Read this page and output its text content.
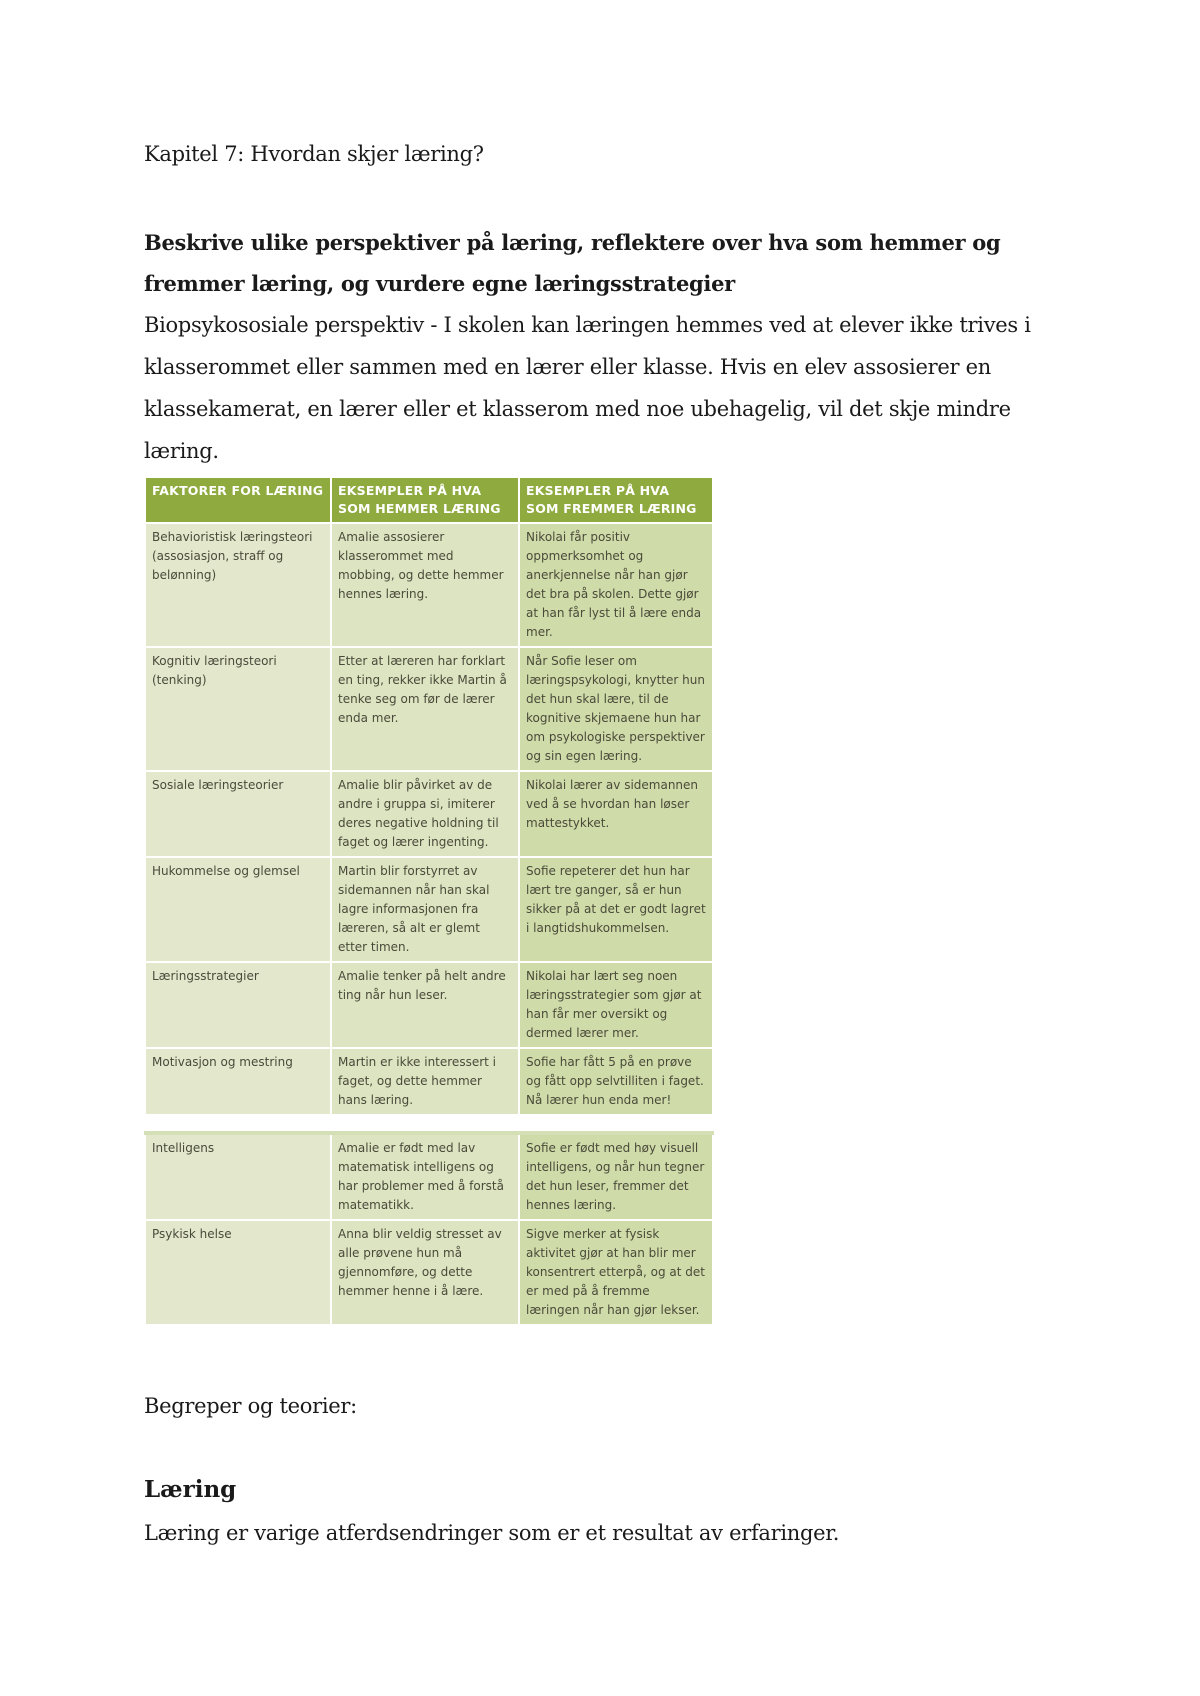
Kapitel 7: Hvordan skjer læring?
Beskrive ulike perspektiver på læring, reflektere over hva som hemmer og fremmer læring, og vurdere egne læringsstrategier

Biopsykososiale perspektiv - I skolen kan læringen hemmes ved at elever ikke trives i klasserommet eller sammen med en lærer eller klasse. Hvis en elev assosierer en klassekamerat, en lærer eller et klasserom med noe ubehagelig, vil det skje mindre læring.

FAKTORER FOR LÆRING	EKSEMPLER PÅ HVA SOM HEMMER LÆRING	EKSEMPLER PÅ HVA SOM FREMMER LÆRING
Behavioristisk læringsteori (assosiasjon, straff og belønning)	Amalie assosierer klasserommet med mobbing, og dette hemmer hennes læring.	Nikolai får positiv oppmerksomhet og anerkjennelse når han gjør det bra på skolen. Dette gjør at han får lyst til å lære enda mer.
Kognitiv læringsteori (tenking)	Etter at læreren har forklart en ting, rekker ikke Martin å tenke seg om før de lærer enda mer.	Når Sofie leser om læringspsykologi, knytter hun det hun skal lære, til de kognitive skjemaene hun har om psykologiske perspektiver og sin egen læring.
Sosiale læringsteorier	Amalie blir påvirket av de andre i gruppa si, imiterer deres negative holdning til faget og lærer ingenting.	Nikolai lærer av sidemannen ved å se hvordan han løser mattestykket.
Hukommelse og glemsel	Martin blir forstyrret av sidemannen når han skal lagre informasjonen fra læreren, så alt er glemt etter timen.	Sofie repeterer det hun har lært tre ganger, så er hun sikker på at det er godt lagret i langtidshukommelsen.
Læringsstrategier	Amalie tenker på helt andre ting når hun leser.	Nikolai har lært seg noen læringsstrategier som gjør at han får mer oversikt og dermed lærer mer.
Motivasjon og mestring	Martin er ikke interessert i faget, og dette hemmer hans læring.	Sofie har fått 5 på en prøve og fått opp selvtilliten i faget. Nå lærer hun enda mer!
Intelligens	Amalie er født med lav matematisk intelligens og har problemer med å forstå matematikk.	Sofie er født med høy visuell intelligens, og når hun tegner det hun leser, fremmer det hennes læring.
Psykisk helse	Anna blir veldig stresset av alle prøvene hun må gjennomføre, og dette hemmer henne i å lære.	Sigve merker at fysisk aktivitet gjør at han blir mer konsentrert etterpå, og at det er med på å fremme læringen når han gjør lekser.
Begreper og teorier:
Læring
Læring er varige atferdsendringer som er et resultat av erfaringer.
